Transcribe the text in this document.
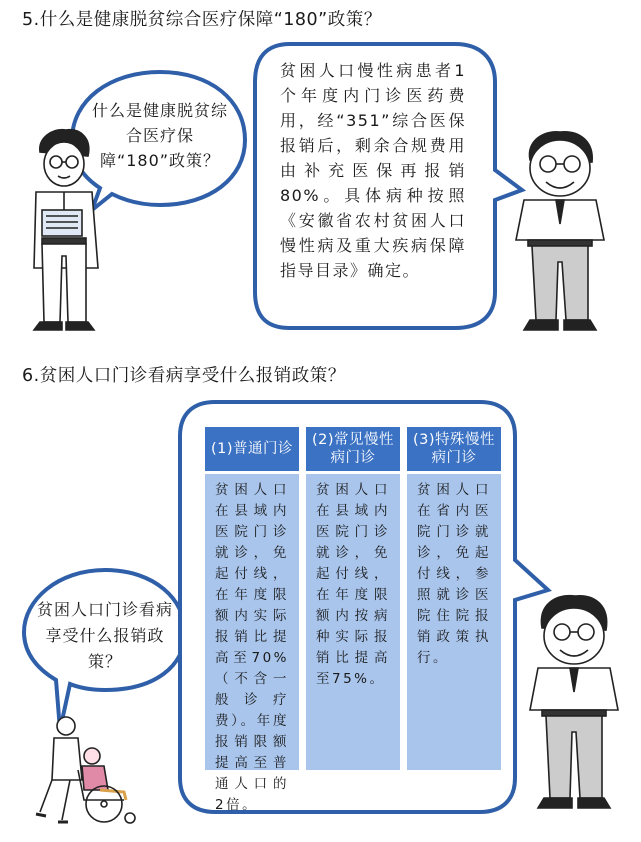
5.什么是健康脱贫综合医疗保障“180”政策？
什么是健康脱贫综合医疗保障“180”政策？
贫困人口慢性病患者1个年度内门诊医药费用，经“351”综合医保报销后，剩余合规费用由补充医保再报销80%。具体病种按照《安徽省农村贫困人口慢性病及重大疾病保障指导目录》确定。
6.贫困人口门诊看病享受什么报销政策？
贫困人口门诊看病享受什么报销政策？
(1)普通门诊
贫困人口在县域内医院门诊就诊，免起付线，在年度限额内实际报销比提高至70%（不含一般诊疗费）。年度报销限额提高至普通人口的2倍。
(2)常见慢性病门诊
贫困人口在县域内医院门诊就诊，免起付线，在年度限额内按病种实际报销比提高至75%。
(3)特殊慢性病门诊
贫困人口在省内医院门诊就诊，免起付线，参照就诊医院住院报销政策执行。
